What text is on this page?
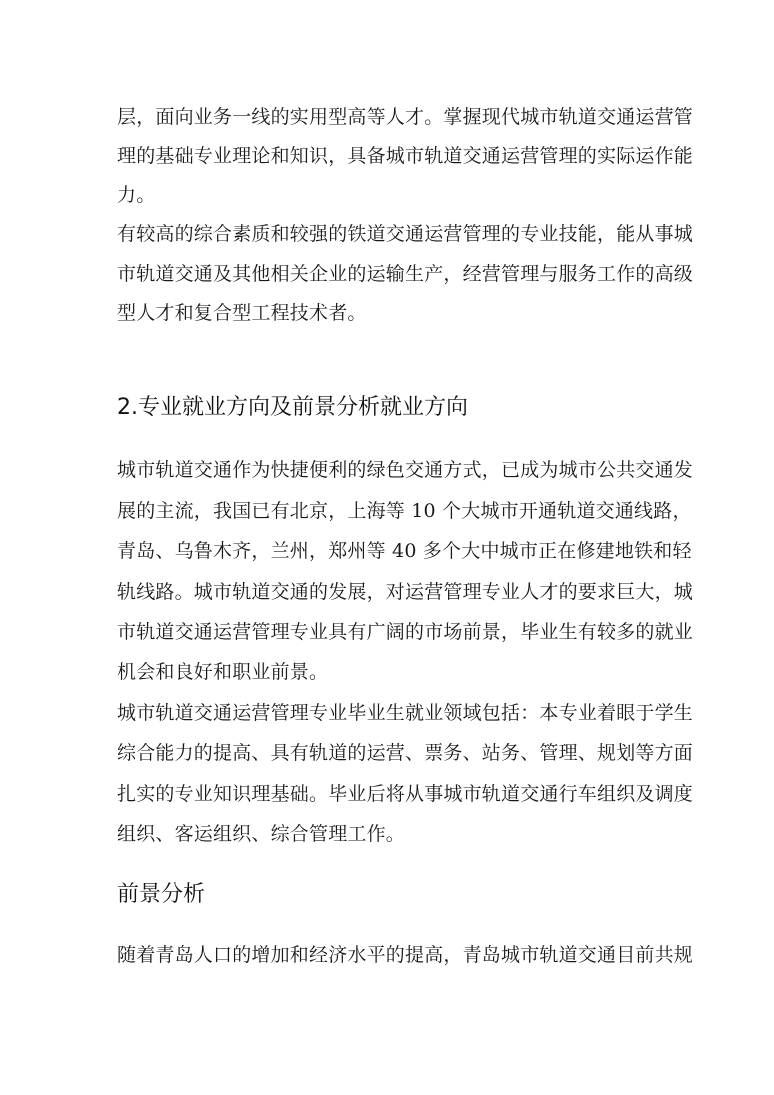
层，面向业务一线的实用型高等人才。掌握现代城市轨道交通运营管
理的基础专业理论和知识，具备城市轨道交通运营管理的实际运作能
力。
有较高的综合素质和较强的铁道交通运营管理的专业技能，能从事城
市轨道交通及其他相关企业的运输生产，经营管理与服务工作的高级
型人才和复合型工程技术者。
2.专业就业方向及前景分析就业方向
城市轨道交通作为快捷便利的绿色交通方式，已成为城市公共交通发
展的主流，我国已有北京，上海等 10 个大城市开通轨道交通线路，
青岛、乌鲁木齐，兰州，郑州等 40 多个大中城市正在修建地铁和轻
轨线路。城市轨道交通的发展，对运营管理专业人才的要求巨大，城
市轨道交通运营管理专业具有广阔的市场前景，毕业生有较多的就业
机会和良好和职业前景。
城市轨道交通运营管理专业毕业生就业领域包括：本专业着眼于学生
综合能力的提高、具有轨道的运营、票务、站务、管理、规划等方面
扎实的专业知识理基础。毕业后将从事城市轨道交通行车组织及调度
组织、客运组织、综合管理工作。
前景分析
随着青岛人口的增加和经济水平的提高，青岛城市轨道交通目前共规
